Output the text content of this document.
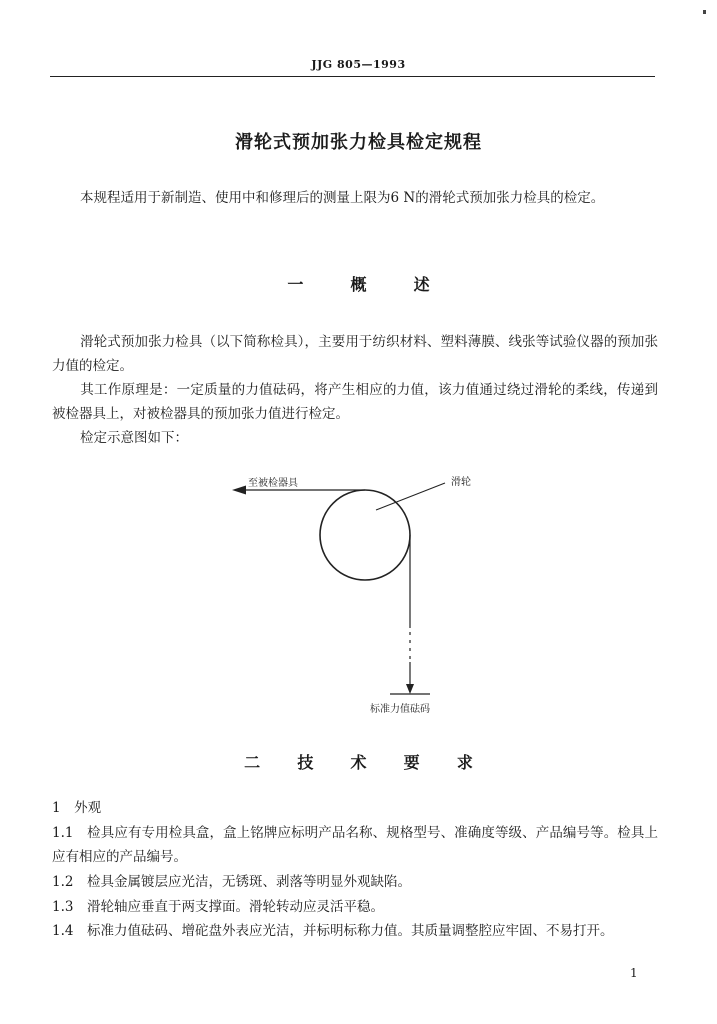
JJG 805—1993
滑轮式预加张力检具检定规程
本规程适用于新制造、使用中和修理后的测量上限为6 N的滑轮式预加张力检具的检定。
一	概	述
滑轮式预加张力检具（以下简称检具），主要用于纺织材料、塑料薄膜、线张等试验仪器的预加张力值的检定。
其工作原理是：一定质量的力值砝码，将产生相应的力值，该力值通过绕过滑轮的柔线，传递到被检器具上，对被检器具的预加张力值进行检定。
检定示意图如下：
至被检器具	滑轮
标准力值砝码
二 技 术 要 求
1　外观
1.1　检具应有专用检具盒，盒上铭牌应标明产品名称、规格型号、准确度等级、产品编号等。检具上应有相应的产品编号。
1.2　检具金属镀层应光洁，无锈斑、剥落等明显外观缺陷。
1.3　滑轮轴应垂直于两支撑面。滑轮转动应灵活平稳。
1.4　标准力值砝码、增砣盘外表应光洁，并标明标称力值。其质量调整腔应牢固、不易打开。
1
